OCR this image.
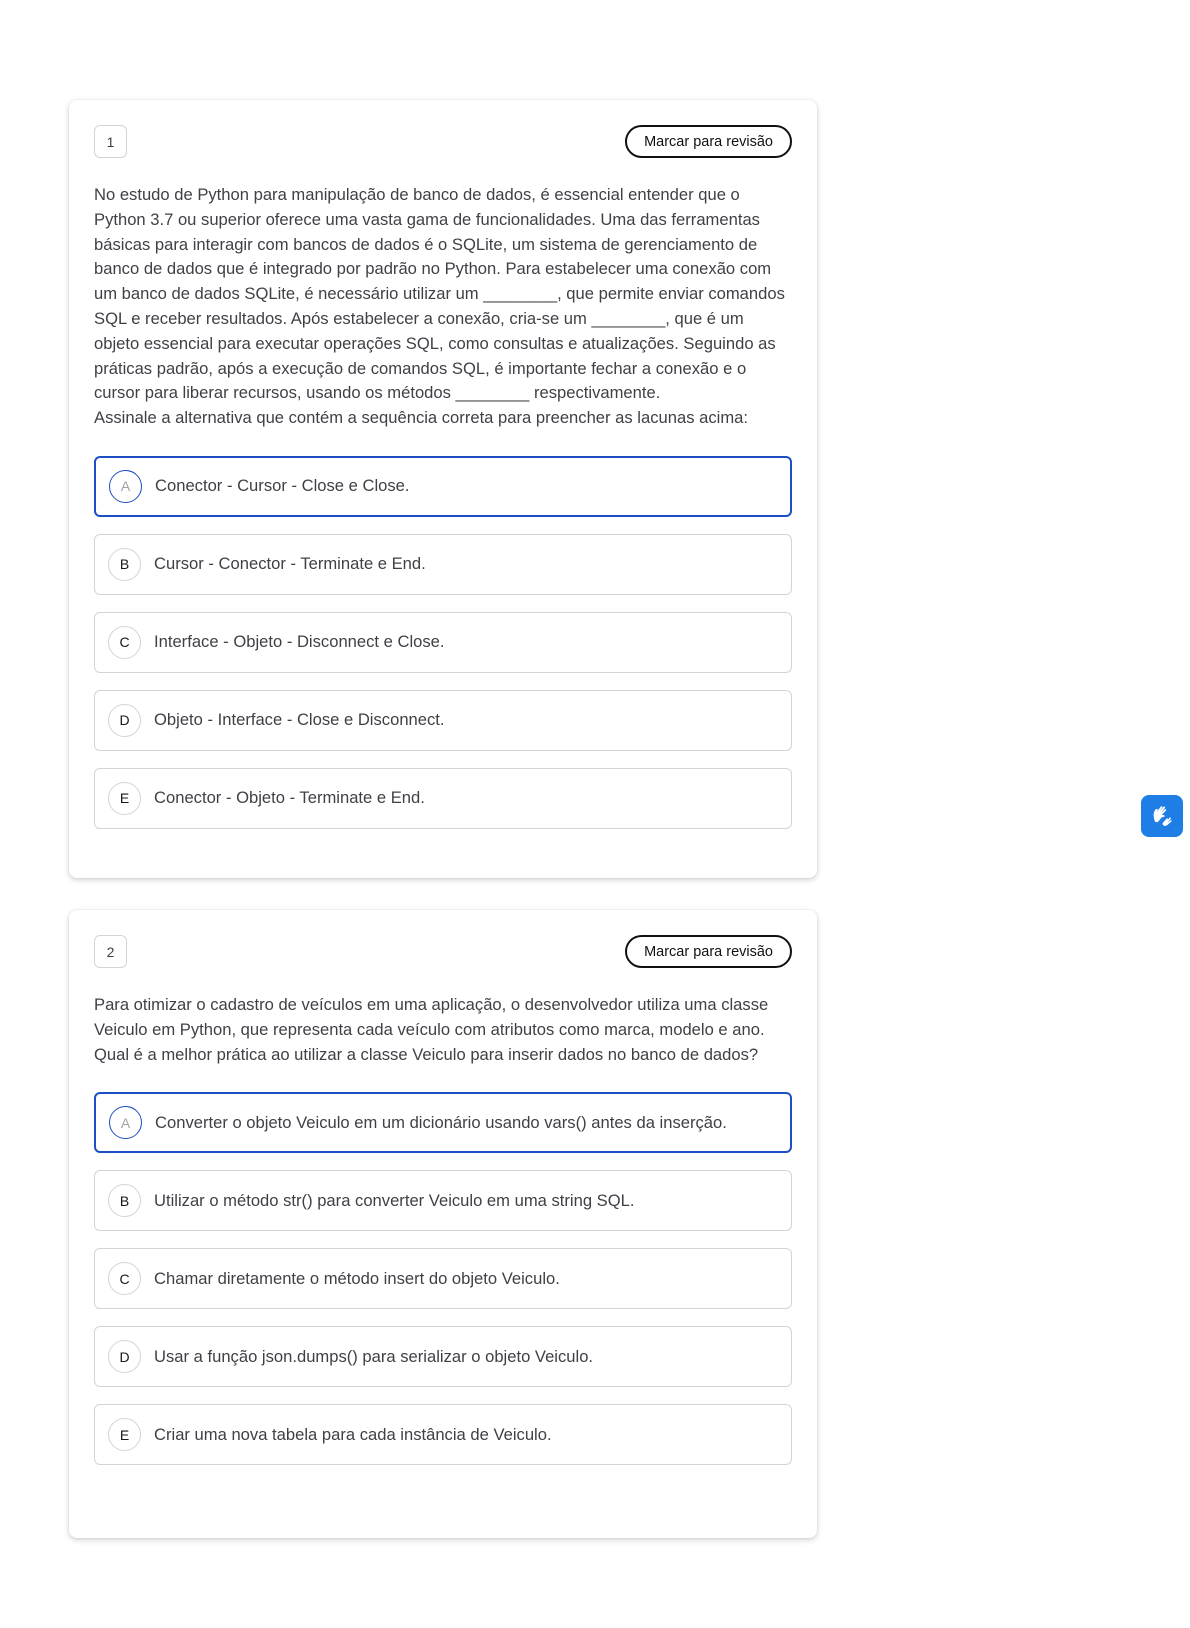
1	Marcar para revisão

No estudo de Python para manipulação de banco de dados, é essencial entender que o Python 3.7 ou superior oferece uma vasta gama de funcionalidades. Uma das ferramentas básicas para interagir com bancos de dados é o SQLite, um sistema de gerenciamento de banco de dados que é integrado por padrão no Python. Para estabelecer uma conexão com um banco de dados SQLite, é necessário utilizar um ________, que permite enviar comandos SQL e receber resultados. Após estabelecer a conexão, cria-se um ________, que é um objeto essencial para executar operações SQL, como consultas e atualizações. Seguindo as práticas padrão, após a execução de comandos SQL, é importante fechar a conexão e o cursor para liberar recursos, usando os métodos ________ respectivamente.

Assinale a alternativa que contém a sequência correta para preencher as lacunas acima:

A	Conector - Cursor - Close e Close.
B	Cursor - Conector - Terminate e End.
C	Interface - Objeto - Disconnect e Close.
D	Objeto - Interface - Close e Disconnect.
E	Conector - Objeto - Terminate e End.
2	Marcar para revisão

Para otimizar o cadastro de veículos em uma aplicação, o desenvolvedor utiliza uma classe Veiculo em Python, que representa cada veículo com atributos como marca, modelo e ano.

Qual é a melhor prática ao utilizar a classe Veiculo para inserir dados no banco de dados?

A	Converter o objeto Veiculo em um dicionário usando vars() antes da inserção.
B	Utilizar o método str() para converter Veiculo em uma string SQL.
C	Chamar diretamente o método insert do objeto Veiculo.
D	Usar a função json.dumps() para serializar o objeto Veiculo.
E	Criar uma nova tabela para cada instância de Veiculo.
